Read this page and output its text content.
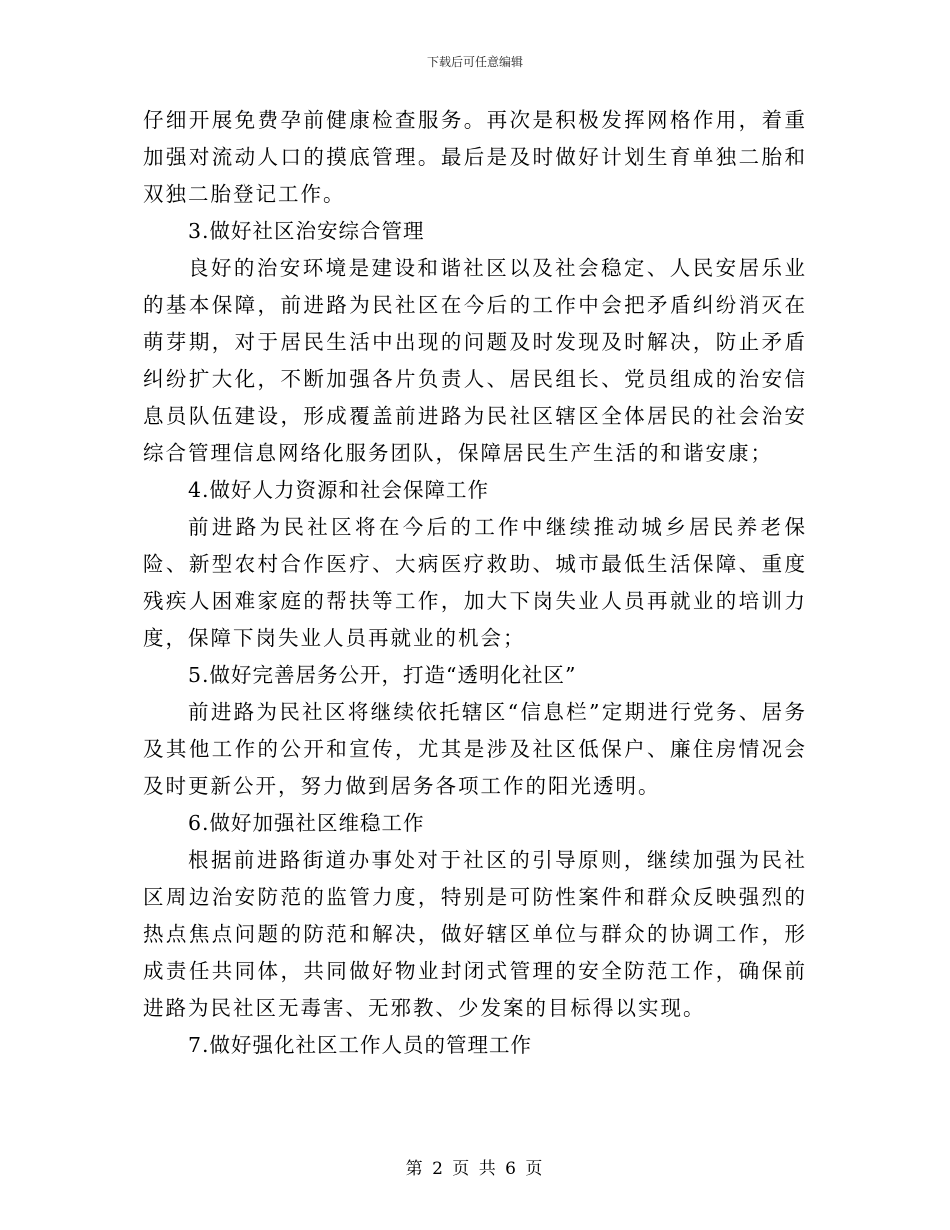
下载后可任意编辑

仔细开展免费孕前健康检查服务。再次是积极发挥网格作用，着重加强对流动人口的摸底管理。最后是及时做好计划生育单独二胎和双独二胎登记工作。

3.做好社区治安综合管理

良好的治安环境是建设和谐社区以及社会稳定、人民安居乐业的基本保障，前进路为民社区在今后的工作中会把矛盾纠纷消灭在萌芽期，对于居民生活中出现的问题及时发现及时解决，防止矛盾纠纷扩大化，不断加强各片负责人、居民组长、党员组成的治安信息员队伍建设，形成覆盖前进路为民社区辖区全体居民的社会治安综合管理信息网络化服务团队，保障居民生产生活的和谐安康；

4.做好人力资源和社会保障工作

前进路为民社区将在今后的工作中继续推动城乡居民养老保险、新型农村合作医疗、大病医疗救助、城市最低生活保障、重度残疾人困难家庭的帮扶等工作，加大下岗失业人员再就业的培训力度，保障下岗失业人员再就业的机会；

5.做好完善居务公开，打造“透明化社区”

前进路为民社区将继续依托辖区“信息栏”定期进行党务、居务及其他工作的公开和宣传，尤其是涉及社区低保户、廉住房情况会及时更新公开，努力做到居务各项工作的阳光透明。

6.做好加强社区维稳工作

根据前进路街道办事处对于社区的引导原则，继续加强为民社区周边治安防范的监管力度，特别是可防性案件和群众反映强烈的热点焦点问题的防范和解决，做好辖区单位与群众的协调工作，形成责任共同体，共同做好物业封闭式管理的安全防范工作，确保前进路为民社区无毒害、无邪教、少发案的目标得以实现。

7.做好强化社区工作人员的管理工作

第 2 页 共 6 页
